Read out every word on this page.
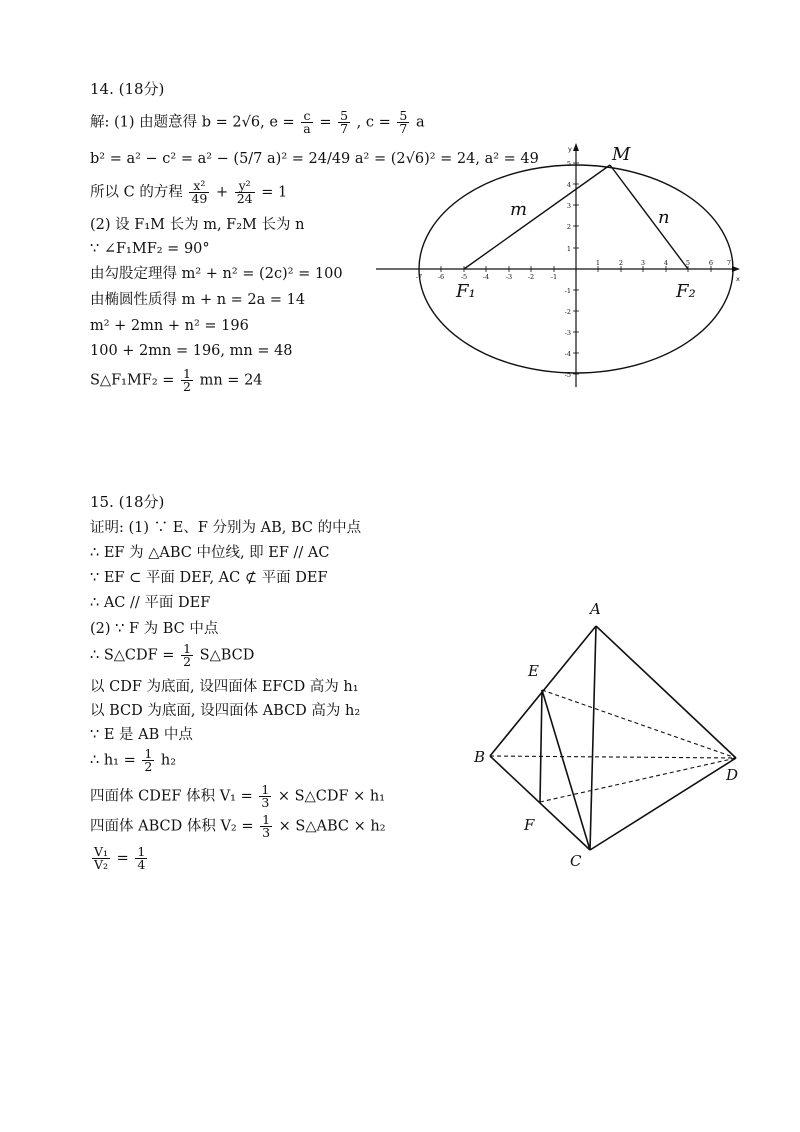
14. (18分)
解: (1) 由题意得 b = 2√6, $e = \frac{c}{a} = \frac{5}{7}$ , $c = \frac{5}{7}$ a
b² = a² − c² = a² − (5/7 a)² = 24/49 a² = (2√6)² = 24, a² = 49
所以 C 的方程 $\frac{\text{x²}}{49} + \frac{\text{y²}}{24} = 1$
(2) 设 F₁M 长为 m, F₂M 长为 n
∵ ∠F₁MF₂ = 90°
由勾股定理得 m² + n² = (2c)² = 100
由椭圆性质得 m + n = 2a = 14
m² + 2mn + n² = 196
100 + 2mn = 196, mn = 48
S△F₁MF₂ = $\frac{1}{2}$ mn = 24
x
y
-7 -6	-5 -4	-3 -2	-1
1	2	3	4	5	6 7
5
4
3
2
1
-1
-2
-3
-4
-5
M
m	n
F₁	F₂
15. (18分)
证明: (1) ∵ E、F 分别为 AB, BC 的中点
∴ EF 为 △ABC 中位线, 即 EF // AC
∵ EF ⊂ 平面 DEF, AC ⊄ 平面 DEF
∴ AC // 平面 DEF
(2) ∵ F 为 BC 中点
∴ S△CDF = $\frac{1}{2}$ S△BCD
以 CDF 为底面, 设四面体 EFCD 高为 h₁
以 BCD 为底面, 设四面体 ABCD 高为 h₂
∵ E 是 AB 中点
∴ $h_1 = \frac{1}{2} h_2$
四面体 CDEF 体积 $V_1 = \frac{1}{3}$ × S△CDF × h₁
四面体 ABCD 体积 $V_2 = \frac{1}{3}$ × S△ABC × h₂
$\frac{\text{V₁}}{\text{V₂}} = \frac{1}{4}$
A
B
C
D
E
F
